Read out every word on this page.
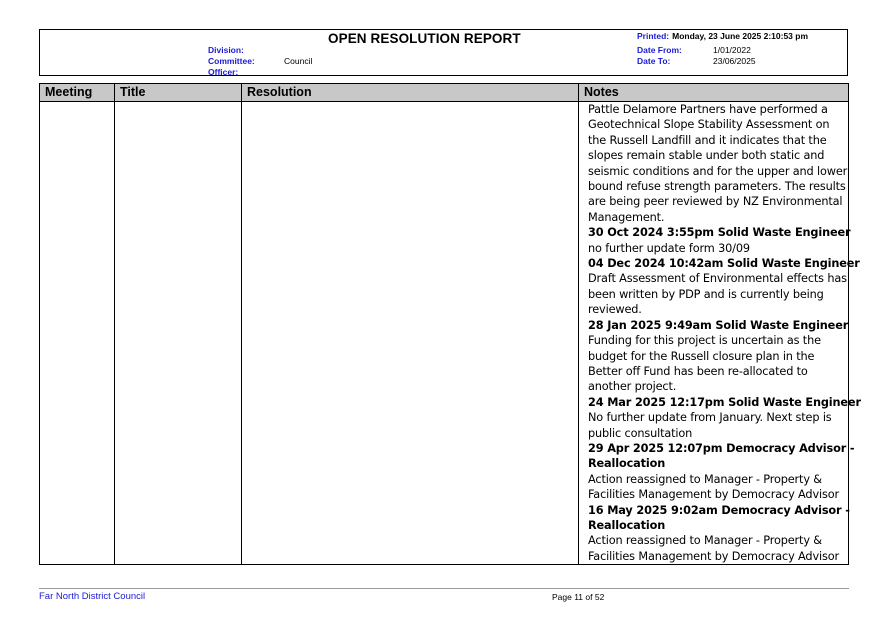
OPEN RESOLUTION REPORT
Division:
Committee:	Council
Officer:
Printed: Monday, 23 June 2025 2:10:53 pm
Date From:	1/01/2022
Date To:	23/06/2025
Meeting	Title	Resolution	Notes
Pattle Delamore Partners have performed a
Geotechnical Slope Stability Assessment on
the Russell Landfill and it indicates that the
slopes remain stable under both static and
seismic conditions and for the upper and lower
bound refuse strength parameters. The results
are being peer reviewed by NZ Environmental
Management.
30 Oct 2024 3:55pm Solid Waste Engineer
no further update form 30/09
04 Dec 2024 10:42am Solid Waste Engineer
Draft Assessment of Environmental effects has
been written by PDP and is currently being
reviewed.
28 Jan 2025 9:49am Solid Waste Engineer
Funding for this project is uncertain as the
budget for the Russell closure plan in the
Better off Fund has been re-allocated to
another project.
24 Mar 2025 12:17pm Solid Waste Engineer
No further update from January. Next step is
public consultation
29 Apr 2025 12:07pm Democracy Advisor -
Reallocation
Action reassigned to Manager - Property &
Facilities Management by Democracy Advisor
16 May 2025 9:02am Democracy Advisor -
Reallocation
Action reassigned to Manager - Property &
Facilities Management by Democracy Advisor
Far North District Council	Page 11 of 52
